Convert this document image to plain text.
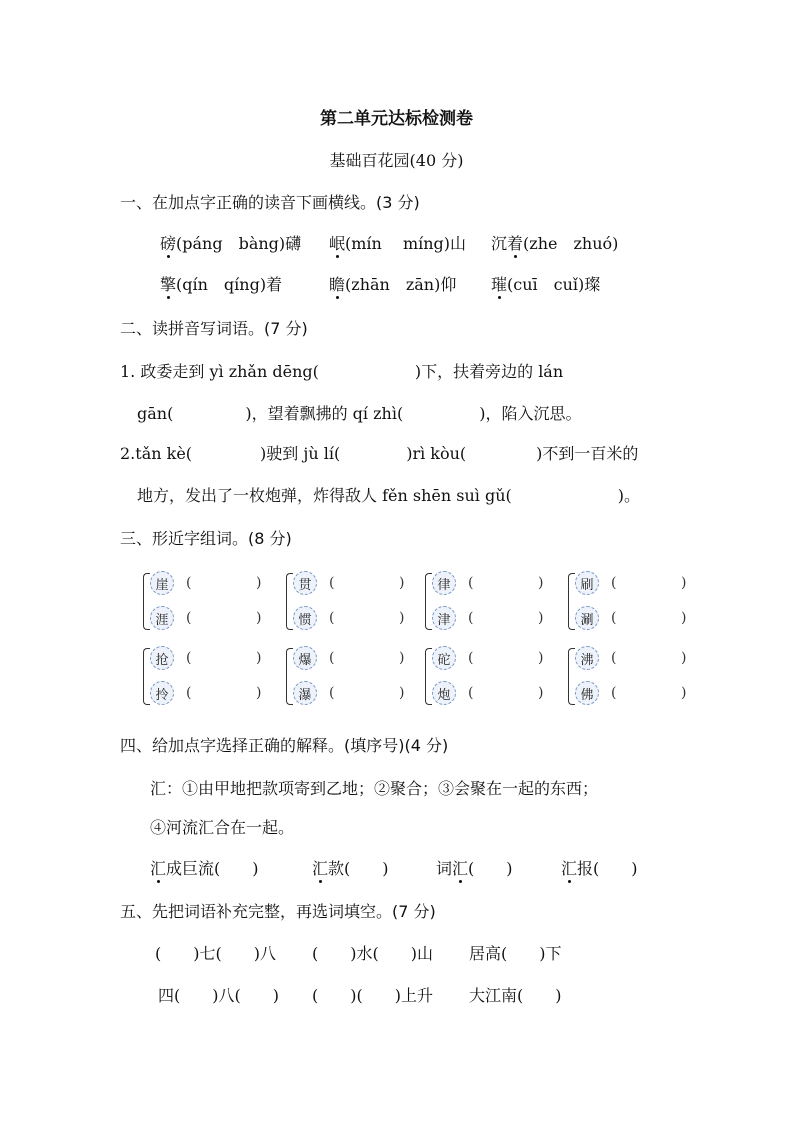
第二单元达标检测卷
基础百花园(40 分)
一、在加点字正确的读音下画横线。(3 分)
磅(páng　bàng)礴 岷(mín　 míng)山 沉着(zhe　zhuó)
擎(qín　qíng)着	瞻(zhān　zān)仰 璀(cuī　cuǐ)璨
二、读拼音写词语。(7 分)
1. 政委走到 yì zhǎn dēng(	)下，扶着旁边的 lán
gān(	)，望着飘拂的 qí zhì(	)，陷入沉思。
2.tǎn kè(	)驶到 jù lí(	)rì kòu(	)不到一百米的
地方，发出了一枚炮弹，炸得敌人 fěn shēn suì gǔ(	)。
三、形近字组词。(8 分)
崖	(	)	贯	(	)	律	(	)	刷	(	)
涯	(	)	惯	(	)	津	(	)	涮	(	)
抢	(	)	爆	(	)	砣	(	)	沸	(	)
拎	(	)	瀑	(	)	炮	(	)	佛	(	)
四、给加点字选择正确的解释。(填序号)(4 分)
汇：①由甲地把款项寄到乙地；②聚合；③会聚在一起的东西；
④河流汇合在一起。
汇成巨流(　　)	汇款(　　)	词汇(　　)	汇报(　　)
五、先把词语补充完整，再选词填空。(7 分)
(　　)七(　　)八 (　　)水(　　)山 居高(　　)下
四(　　)八(　　) (　　)(　　)上升 大江南(　　)
